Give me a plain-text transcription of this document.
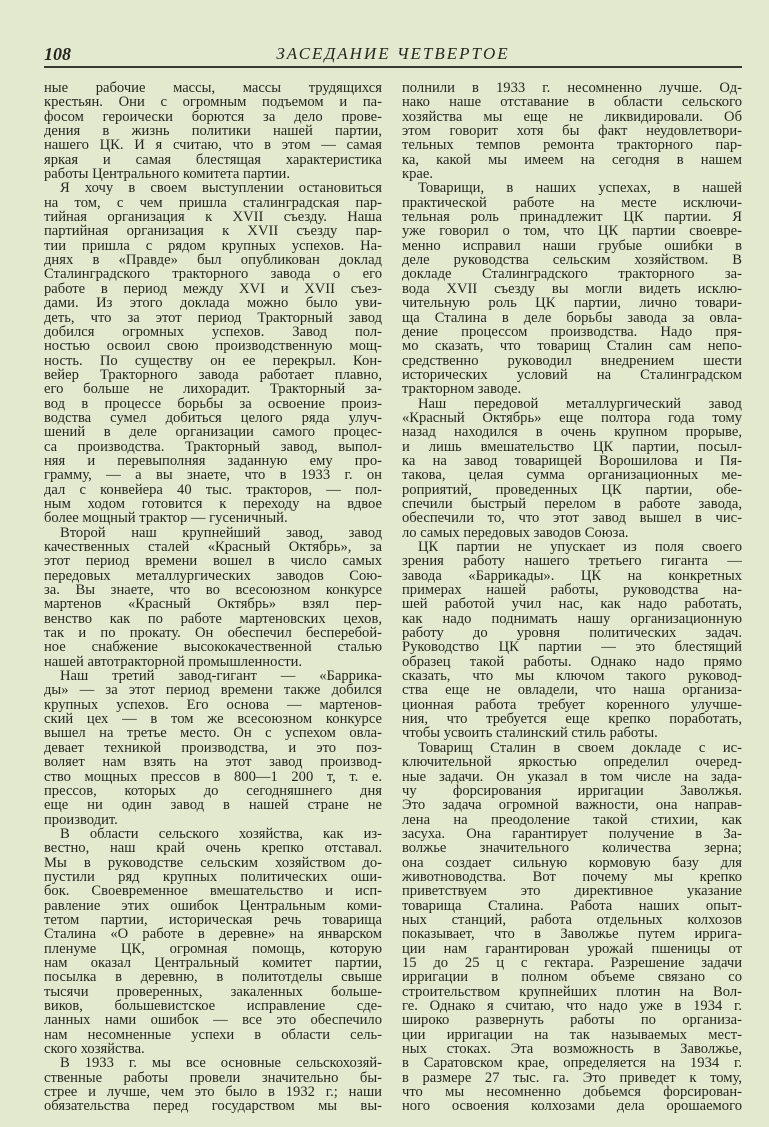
108	ЗАСЕДАНИЕ ЧЕТВЕРТОЕ
ные рабочие массы, массы трудящихся
крестьян. Они с огромным подъемом и па-
фосом героически борются за дело прове-
дения в жизнь политики нашей партии,
нашего ЦК. И я считаю, что в этом — самая
яркая и самая блестящая характеристика
работы Центрального комитета партии.
Я хочу в своем выступлении остановиться
на том, с чем пришла сталинградская пар-
тийная организация к XVII съезду. Наша
партийная организация к XVII съезду пар-
тии пришла с рядом крупных успехов. На-
днях в «Правде» был опубликован доклад
Сталинградского тракторного завода о его
работе в период между XVI и XVII съез-
дами. Из этого доклада можно было уви-
деть, что за этот период Тракторный завод
добился огромных успехов. Завод пол-
ностью освоил свою производственную мощ-
ность. По существу он ее перекрыл. Кон-
вейер Тракторного завода работает плавно,
его больше не лихорадит. Тракторный за-
вод в процессе борьбы за освоение произ-
водства сумел добиться целого ряда улуч-
шений в деле организации самого процес-
са производства. Тракторный завод, выпол-
няя и перевыполняя заданную ему про-
грамму, — а вы знаете, что в 1933 г. он
дал с конвейера 40 тыс. тракторов, — пол-
ным ходом готовится к переходу на вдвое
более мощный трактор — гусеничный.
Второй наш крупнейший завод, завод
качественных сталей «Красный Октябрь», за
этот период времени вошел в число самых
передовых металлургических заводов Сою-
за. Вы знаете, что во всесоюзном конкурсе
мартенов «Красный Октябрь» взял пер-
венство как по работе мартеновских цехов,
так и по прокату. Он обеспечил бесперебой-
ное снабжение высококачественной сталью
нашей автотракторной промышленности.
Наш третий завод-гигант — «Баррика-
ды» — за этот период времени также добился
крупных успехов. Его основа — мартенов-
ский цех — в том же всесоюзном конкурсе
вышел на третье место. Он с успехом овла-
девает техникой производства, и это поз-
воляет нам взять на этот завод производ-
ство мощных прессов в 800—1 200 т, т. е.
прессов, которых до сегодняшнего дня
еще ни один завод в нашей стране не
производит.
В области сельского хозяйства, как из-
вестно, наш край очень крепко отставал.
Мы в руководстве сельским хозяйством до-
пустили ряд крупных политических оши-
бок. Своевременное вмешательство и исп-
равление этих ошибок Центральным коми-
тетом партии, историческая речь товарища
Сталина «О работе в деревне» на январском
пленуме ЦК, огромная помощь, которую
нам оказал Центральный комитет партии,
посылка в деревню, в политотделы свыше
тысячи проверенных, закаленных больше-
виков, большевистское исправление сде-
ланных нами ошибок — все это обеспечило
нам несомненные успехи в области сель-
ского хозяйства.
В 1933 г. мы все основные сельскохозяй-
ственные работы провели значительно бы-
стрее и лучше, чем это было в 1932 г.; наши
обязательства перед государством мы вы-
полнили в 1933 г. несомненно лучше. Од-
нако наше отставание в области сельского
хозяйства мы еще не ликвидировали. Об
этом говорит хотя бы факт неудовлетвори-
тельных темпов ремонта тракторного пар-
ка, какой мы имеем на сегодня в нашем
крае.
Товарищи, в наших успехах, в нашей
практической работе на месте исключи-
тельная роль принадлежит ЦК партии. Я
уже говорил о том, что ЦК партии своевре-
менно исправил наши грубые ошибки в
деле руководства сельским хозяйством. В
докладе Сталинградского тракторного за-
вода XVII съезду вы могли видеть исклю-
чительную роль ЦК партии, лично товари-
ща Сталина в деле борьбы завода за овла-
дение процессом производства. Надо пря-
мо сказать, что товарищ Сталин сам непо-
средственно руководил внедрением шести
исторических условий на Сталинградском
тракторном заводе.
Наш передовой металлургический завод
«Красный Октябрь» еще полтора года тому
назад находился в очень крупном прорыве,
и лишь вмешательство ЦК партии, посыл-
ка на завод товарищей Ворошилова и Пя-
такова, целая сумма организационных ме-
роприятий, проведенных ЦК партии, обе-
спечили быстрый перелом в работе завода,
обеспечили то, что этот завод вышел в чис-
ло самых передовых заводов Союза.
ЦК партии не упускает из поля своего
зрения работу нашего третьего гиганта —
завода «Баррикады». ЦК на конкретных
примерах нашей работы, руководства на-
шей работой учил нас, как надо работать,
как надо поднимать нашу организационную
работу до уровня политических задач.
Руководство ЦК партии — это блестящий
образец такой работы. Однако надо прямо
сказать, что мы ключом такого руковод-
ства еще не овладели, что наша организа-
ционная работа требует коренного улучше-
ния, что требуется еще крепко поработать,
чтобы усвоить сталинский стиль работы.
Товарищ Сталин в своем докладе с ис-
ключительной яркостью определил очеред-
ные задачи. Он указал в том числе на зада-
чу форсирования ирригации Заволжья.
Это задача огромной важности, она направ-
лена на преодоление такой стихии, как
засуха. Она гарантирует получение в За-
волжье значительного количества зерна;
она создает сильную кормовую базу для
животноводства. Вот почему мы крепко
приветствуем это директивное указание
товарища Сталина. Работа наших опыт-
ных станций, работа отдельных колхозов
показывает, что в Заволжье путем ирригa-
ции нам гарантирован урожай пшеницы от
15 до 25 ц с гектара. Разрешение задачи
ирригации в полном объеме связано со
строительством крупнейших плотин на Вол-
ге. Однако я считаю, что надо уже в 1934 г.
широко развернуть работы по организа-
ции ирригации на так называемых мест-
ных стоках. Эта возможность в Заволжье,
в Саратовском крае, определяется на 1934 г.
в размере 27 тыс. га. Это приведет к тому,
что мы несомненно добьемся форсирован-
ного освоения колхозами дела орошаемого
